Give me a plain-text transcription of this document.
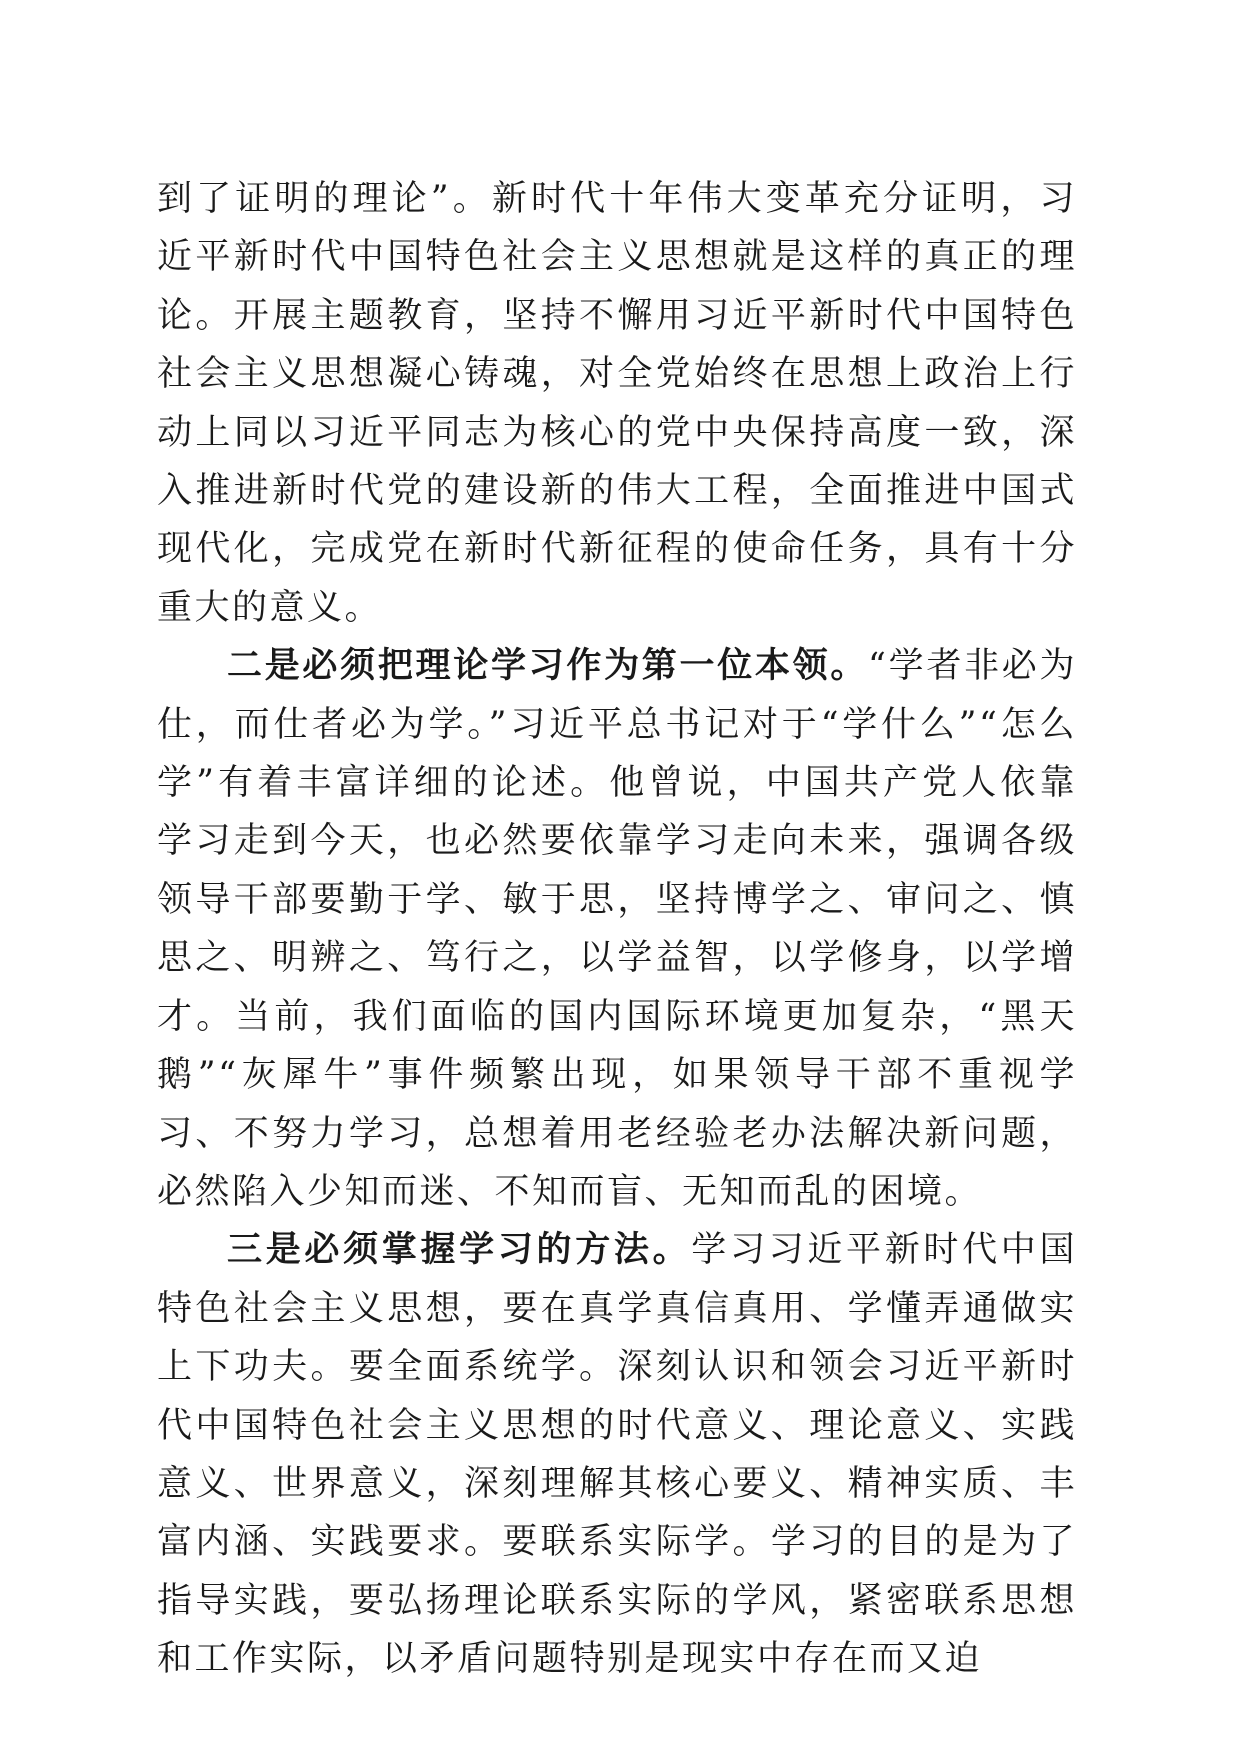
到了证明的理论”。新时代十年伟大变革充分证明，习近平新时代中国特色社会主义思想就是这样的真正的理论。开展主题教育，坚持不懈用习近平新时代中国特色社会主义思想凝心铸魂，对全党始终在思想上政治上行动上同以习近平同志为核心的党中央保持高度一致，深入推进新时代党的建设新的伟大工程，全面推进中国式现代化，完成党在新时代新征程的使命任务，具有十分重大的意义。

二是必须把理论学习作为第一位本领。“学者非必为仕，而仕者必为学。”习近平总书记对于“学什么”“怎么学”有着丰富详细的论述。他曾说，中国共产党人依靠学习走到今天，也必然要依靠学习走向未来，强调各级领导干部要勤于学、敏于思，坚持博学之、审问之、慎思之、明辨之、笃行之，以学益智，以学修身，以学增才。当前，我们面临的国内国际环境更加复杂，“黑天鹅”“灰犀牛”事件频繁出现，如果领导干部不重视学习、不努力学习，总想着用老经验老办法解决新问题，必然陷入少知而迷、不知而盲、无知而乱的困境。

三是必须掌握学习的方法。学习习近平新时代中国特色社会主义思想，要在真学真信真用、学懂弄通做实上下功夫。要全面系统学。深刻认识和领会习近平新时代中国特色社会主义思想的时代意义、理论意义、实践意义、世界意义，深刻理解其核心要义、精神实质、丰富内涵、实践要求。要联系实际学。学习的目的是为了指导实践，要弘扬理论联系实际的学风，紧密联系思想和工作实际，以矛盾问题特别是现实中存在而又迫
